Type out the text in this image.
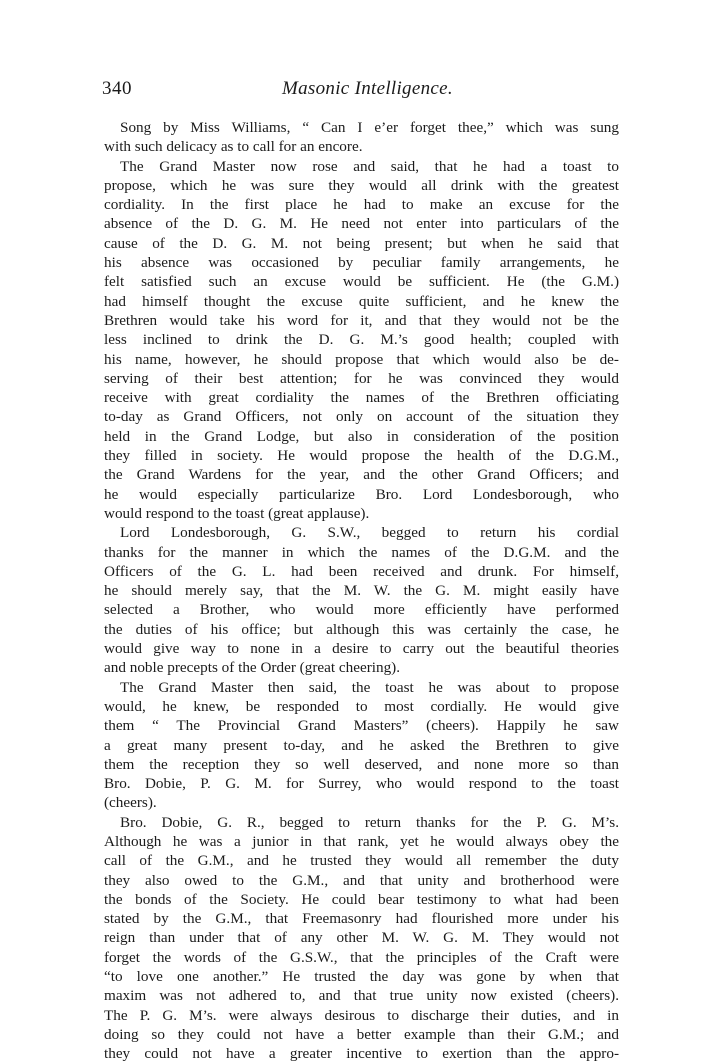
340	Masonic Intelligence.
Song by Miss Williams, “ Can I e’er forget thee,” which was sung
with such delicacy as to call for an encore.
The Grand Master now rose and said, that he had a toast to
propose, which he was sure they would all drink with the greatest
cordiality. In the first place he had to make an excuse for the
absence of the D. G. M. He need not enter into particulars of the
cause of the D. G. M. not being present; but when he said that
his absence was occasioned by peculiar family arrangements, he
felt satisfied such an excuse would be sufficient. He (the G.M.)
had himself thought the excuse quite sufficient, and he knew the
Brethren would take his word for it, and that they would not be the
less inclined to drink the D. G. M.’s good health; coupled with
his name, however, he should propose that which would also be de-
serving of their best attention; for he was convinced they would
receive with great cordiality the names of the Brethren officiating
to-day as Grand Officers, not only on account of the situation they
held in the Grand Lodge, but also in consideration of the position
they filled in society. He would propose the health of the D.G.M.,
the Grand Wardens for the year, and the other Grand Officers; and
he would especially particularize Bro. Lord Londesborough, who
would respond to the toast (great applause).
Lord Londesborough, G. S.W., begged to return his cordial
thanks for the manner in which the names of the D.G.M. and the
Officers of the G. L. had been received and drunk. For himself,
he should merely say, that the M. W. the G. M. might easily have
selected a Brother, who would more efficiently have performed
the duties of his office; but although this was certainly the case, he
would give way to none in a desire to carry out the beautiful theories
and noble precepts of the Order (great cheering).
The Grand Master then said, the toast he was about to propose
would, he knew, be responded to most cordially. He would give
them “ The Provincial Grand Masters” (cheers). Happily he saw
a great many present to-day, and he asked the Brethren to give
them the reception they so well deserved, and none more so than
Bro. Dobie, P. G. M. for Surrey, who would respond to the toast
(cheers).
Bro. Dobie, G. R., begged to return thanks for the P. G. M’s.
Although he was a junior in that rank, yet he would always obey the
call of the G.M., and he trusted they would all remember the duty
they also owed to the G.M., and that unity and brotherhood were
the bonds of the Society. He could bear testimony to what had been
stated by the G.M., that Freemasonry had flourished more under his
reign than under that of any other M. W. G. M. They would not
forget the words of the G.S.W., that the principles of the Craft were
“to love one another.” He trusted the day was gone by when that
maxim was not adhered to, and that true unity now existed (cheers).
The P. G. M’s. were always desirous to discharge their duties, and in
doing so they could not have a better example than their G.M.; and
they could not have a greater incentive to exertion than the appro-
